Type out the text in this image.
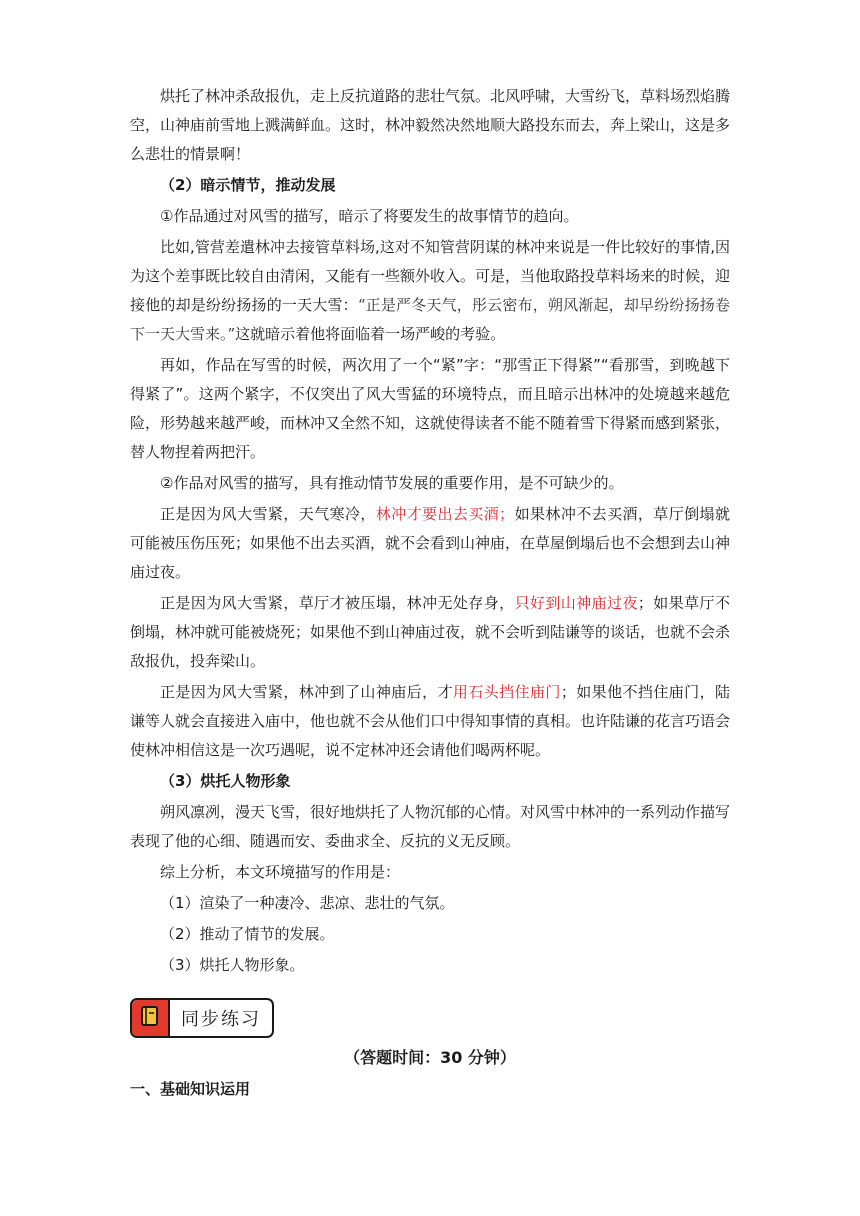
烘托了林冲杀敌报仇，走上反抗道路的悲壮气氛。北风呼啸，大雪纷飞，草料场烈焰腾空，山神庙前雪地上溅满鲜血。这时，林冲毅然决然地顺大路投东而去，奔上梁山，这是多么悲壮的情景啊！

（2）暗示情节，推动发展

①作品通过对风雪的描写，暗示了将要发生的故事情节的趋向。

比如,管营差遣林冲去接管草料场,这对不知管营阴谋的林冲来说是一件比较好的事情,因为这个差事既比较自由清闲，又能有一些额外收入。可是，当他取路投草料场来的时候，迎接他的却是纷纷扬扬的一天大雪：“正是严冬天气，彤云密布，朔风渐起，却早纷纷扬扬卷下一天大雪来。”这就暗示着他将面临着一场严峻的考验。

再如，作品在写雪的时候，两次用了一个“紧”字：“那雪正下得紧”“看那雪，到晚越下得紧了”。这两个紧字，不仅突出了风大雪猛的环境特点，而且暗示出林冲的处境越来越危险，形势越来越严峻，而林冲又全然不知，这就使得读者不能不随着雪下得紧而感到紧张，替人物捏着两把汗。

②作品对风雪的描写，具有推动情节发展的重要作用，是不可缺少的。

正是因为风大雪紧，天气寒冷，林冲才要出去买酒；如果林冲不去买酒，草厅倒塌就可能被压伤压死；如果他不出去买酒，就不会看到山神庙，在草屋倒塌后也不会想到去山神庙过夜。

正是因为风大雪紧，草厅才被压塌，林冲无处存身，只好到山神庙过夜；如果草厅不倒塌，林冲就可能被烧死；如果他不到山神庙过夜，就不会听到陆谦等的谈话，也就不会杀敌报仇，投奔梁山。

正是因为风大雪紧，林冲到了山神庙后，才用石头挡住庙门；如果他不挡住庙门，陆谦等人就会直接进入庙中，他也就不会从他们口中得知事情的真相。也许陆谦的花言巧语会使林冲相信这是一次巧遇呢，说不定林冲还会请他们喝两杯呢。

（3）烘托人物形象

朔风凛冽，漫天飞雪，很好地烘托了人物沉郁的心情。对风雪中林冲的一系列动作描写表现了他的心细、随遇而安、委曲求全、反抗的义无反顾。

综上分析，本文环境描写的作用是：

（1）渲染了一种凄冷、悲凉、悲壮的气氛。

（2）推动了情节的发展。

（3）烘托人物形象。

同步练习
（答题时间：30 分钟）
一、基础知识运用
